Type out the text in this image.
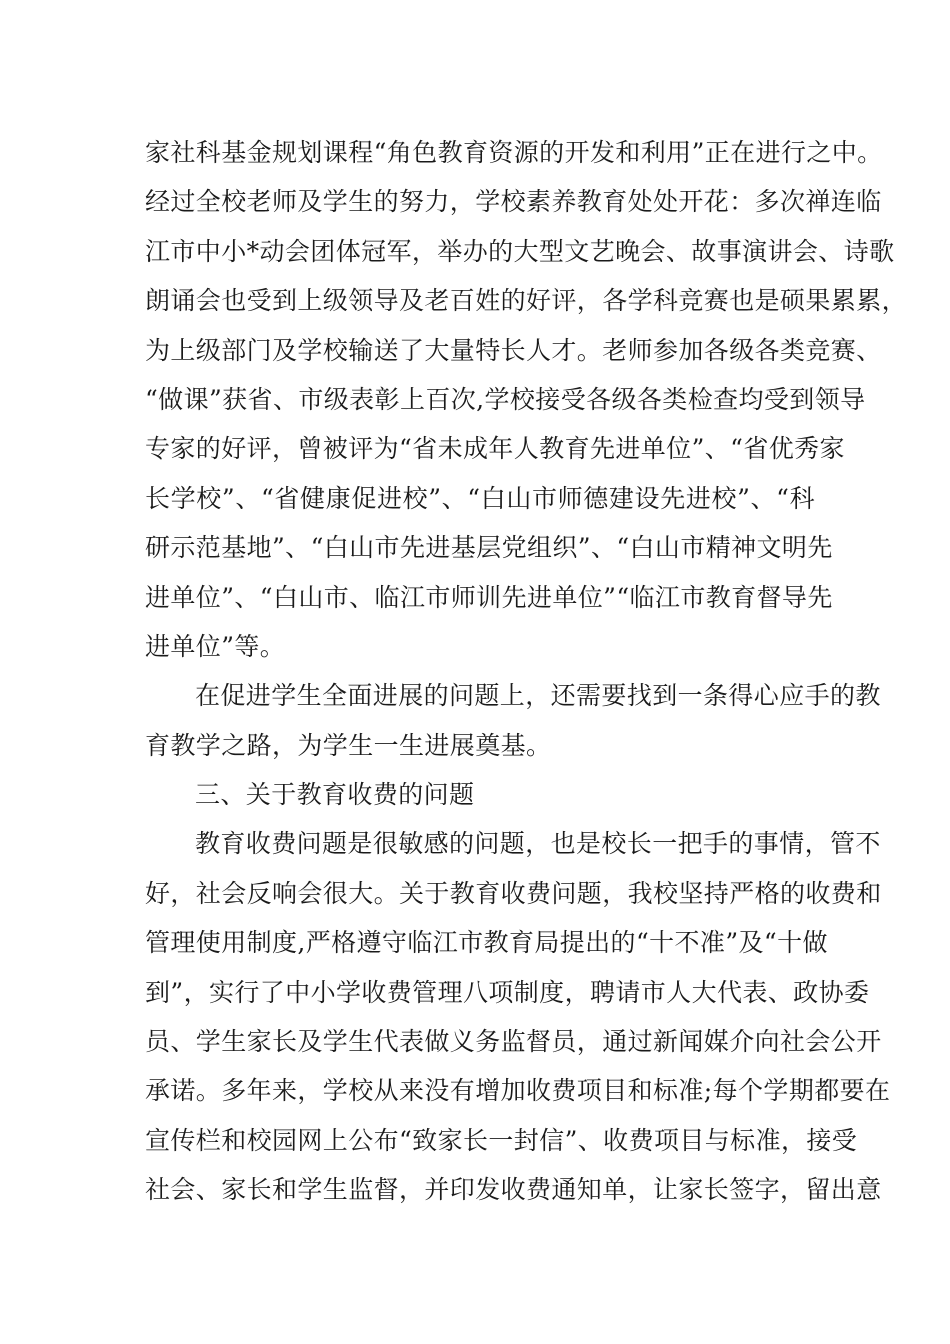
家社科基金规划课程“角色教育资源的开发和利用”正在进行之中。
经过全校老师及学生的努力，学校素养教育处处开花：多次禅连临
江市中小*动会团体冠军，举办的大型文艺晚会、故事演讲会、诗歌
朗诵会也受到上级领导及老百姓的好评，各学科竞赛也是硕果累累，
为上级部门及学校输送了大量特长人才。老师参加各级各类竞赛、
“做课”获省、市级表彰上百次,学校接受各级各类检查均受到领导
专家的好评，曾被评为“省未成年人教育先进单位”、“省优秀家
长学校”、“省健康促进校”、“白山市师德建设先进校”、“科
研示范基地”、“白山市先进基层党组织”、“白山市精神文明先
进单位”、“白山市、临江市师训先进单位”“临江市教育督导先
进单位”等。
在促进学生全面进展的问题上，还需要找到一条得心应手的教
育教学之路，为学生一生进展奠基。
三、关于教育收费的问题
教育收费问题是很敏感的问题，也是校长一把手的事情，管不
好，社会反响会很大。关于教育收费问题，我校坚持严格的收费和
管理使用制度,严格遵守临江市教育局提出的“十不准”及“十做
到”，实行了中小学收费管理八项制度，聘请市人大代表、政协委
员、学生家长及学生代表做义务监督员，通过新闻媒介向社会公开
承诺。多年来，学校从来没有增加收费项目和标准;每个学期都要在
宣传栏和校园网上公布“致家长一封信”、收费项目与标准，接受
社会、家长和学生监督，并印发收费通知单，让家长签字，留出意
